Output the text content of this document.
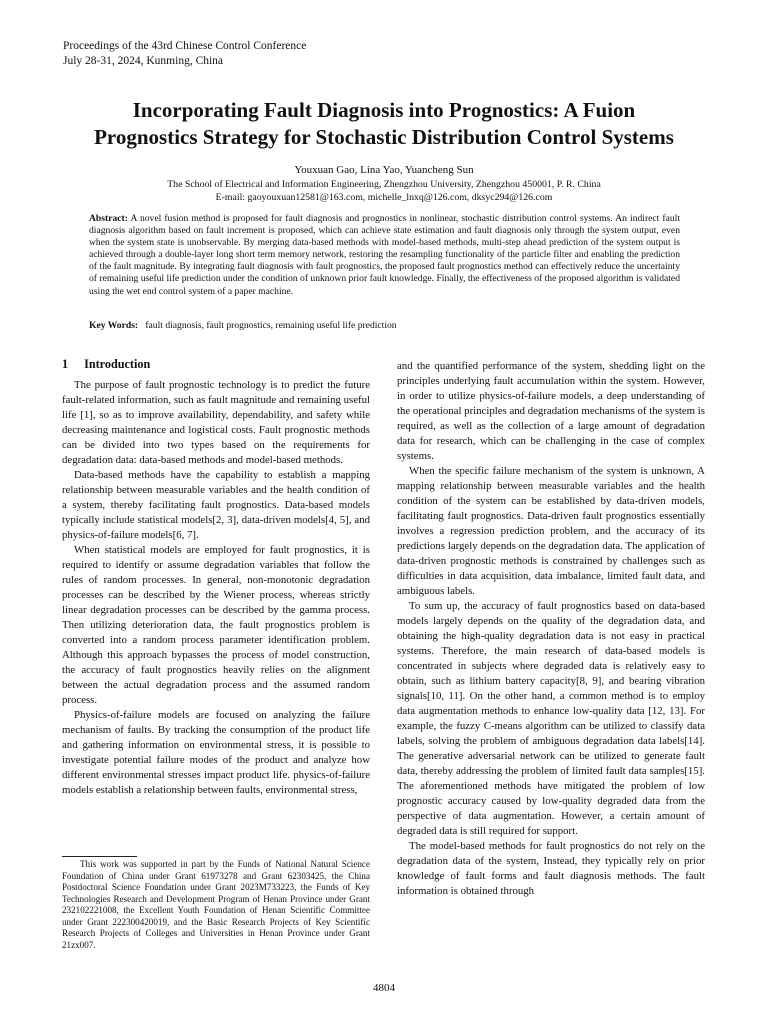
Proceedings of the 43rd Chinese Control Conference
July 28-31, 2024, Kunming, China
Incorporating Fault Diagnosis into Prognostics: A Fuion
Prognostics Strategy for Stochastic Distribution Control Systems
Youxuan Gao, Lina Yao, Yuancheng Sun
The School of Electrical and Information Engineering, Zhengzhou University, Zhengzhou 450001, P. R. China
E-mail: gaoyouxuan12581@163.com, michelle_lnxq@126.com, dksyc294@126.com
Abstract: A novel fusion method is proposed for fault diagnosis and prognostics in nonlinear, stochastic distribution control systems. An indirect fault diagnosis algorithm based on fault increment is proposed, which can achieve state estimation and fault diagnosis only through the system output, even when the system state is unobservable. By merging data-based methods with model-based methods, multi-step ahead prediction of the system output is achieved through a double-layer long short term memory network, restoring the resampling functionality of the particle filter and enabling the prediction of the fault magnitude. By integrating fault diagnosis with fault prognostics, the proposed fault prognostics method can effectively reduce the uncertainty of remaining useful life prediction under the condition of unknown prior fault knowledge. Finally, the effectiveness of the proposed algorithm is validated using the wet end control system of a paper machine.
Key Words: fault diagnosis, fault prognostics, remaining useful life prediction
1 Introduction

The purpose of fault prognostic technology is to predict the future fault-related information, such as fault magnitude and remaining useful life [1], so as to improve availability, dependability, and safety while decreasing maintenance and logistical costs. Fault prognostic methods can be divided into two types based on the requirements for degradation data: data-based methods and model-based methods.

Data-based methods have the capability to establish a mapping relationship between measurable variables and the health condition of a system, thereby facilitating fault prognostics. Data-based models typically include statistical models[2, 3], data-driven models[4, 5], and physics-of-failure models[6, 7].

When statistical models are employed for fault prognostics, it is required to identify or assume degradation variables that follow the rules of random processes. In general, non-monotonic degradation processes can be described by the Wiener process, whereas strictly linear degradation processes can be described by the gamma process. Then utilizing deterioration data, the fault prognostics problem is converted into a random process parameter identification problem. Although this approach bypasses the process of model construction, the accuracy of fault prognostics heavily relies on the alignment between the actual degradation process and the assumed random process.

Physics-of-failure models are focused on analyzing the failure mechanism of faults. By tracking the consumption of the product life and gathering information on environmental stress, it is possible to investigate potential failure modes of the product and analyze how different environmental stresses impact product life. physics-of-failure models establish a relationship between faults, environmental stress,

This work was supported in part by the Funds of National Natural Science Foundation of China under Grant 61973278 and Grant 62303425, the China Postdoctoral Science Foundation under Grant 2023M733223, the Funds of Key Technologies Research and Development Program of Henan Province under Grant 232102221008, the Excellent Youth Foundation of Henan Scientific Committee under Grant 222300420019, and the Basic Research Projects of Key Scientific Research Projects of Colleges and Universities in Henan Province under Grant 21zx007.

and the quantified performance of the system, shedding light on the principles underlying fault accumulation within the system. However, in order to utilize physics-of-failure models, a deep understanding of the operational principles and degradation mechanisms of the system is required, as well as the collection of a large amount of degradation data for research, which can be challenging in the case of complex systems.

When the specific failure mechanism of the system is unknown, A mapping relationship between measurable variables and the health condition of the system can be established by data-driven models, facilitating fault prognostics. Data-driven fault prognostics essentially involves a regression prediction problem, and the accuracy of its predictions largely depends on the degradation data. The application of data-driven prognostic methods is constrained by challenges such as difficulties in data acquisition, data imbalance, limited fault data, and ambiguous labels.

To sum up, the accuracy of fault prognostics based on data-based models largely depends on the quality of the degradation data, and obtaining the high-quality degradation data is not easy in practical systems. Therefore, the main research of data-based models is concentrated in subjects where degraded data is relatively easy to obtain, such as lithium battery capacity[8, 9], and bearing vibration signals[10, 11]. On the other hand, a common method is to employ data augmentation methods to enhance low-quality data [12, 13]. For example, the fuzzy C-means algorithm can be utilized to classify data labels, solving the problem of ambiguous degradation data labels[14]. The generative adversarial network can be utilized to generate fault data, thereby addressing the problem of limited fault data samples[15]. The aforementioned methods have mitigated the problem of low prognostic accuracy caused by low-quality degraded data from the perspective of data augmentation. However, a certain amount of degraded data is still required for support.

The model-based methods for fault prognostics do not rely on the degradation data of the system, Instead, they typically rely on prior knowledge of fault forms and fault diagnosis methods. The fault information is obtained through

4804
